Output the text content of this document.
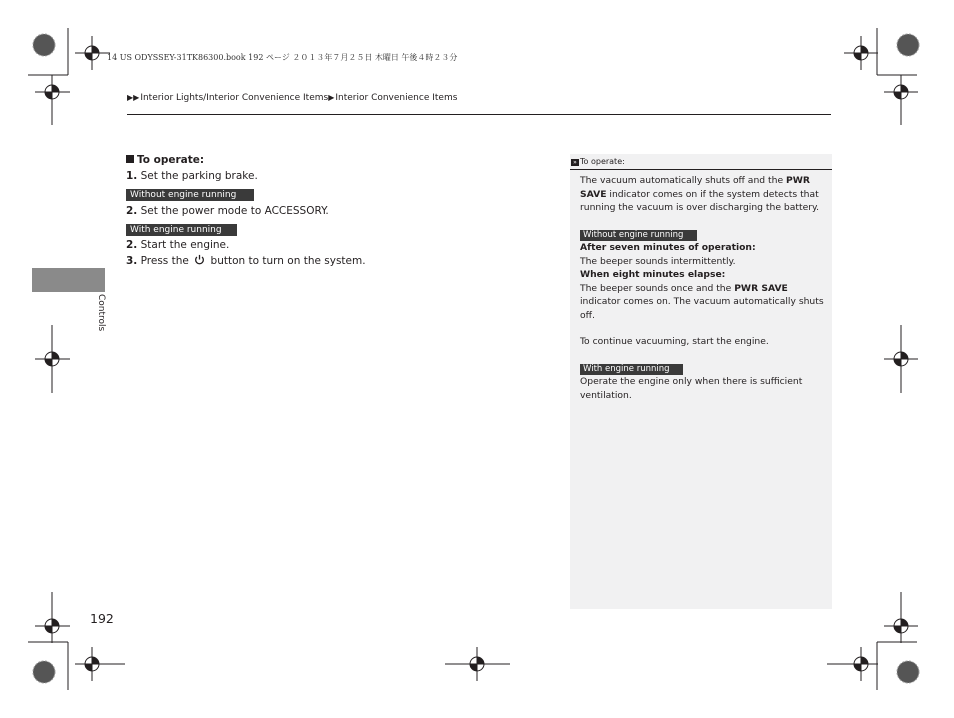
14 US ODYSSEY-31TK86300.book 192 ページ ２０１３年７月２５日 木曜日 午後４時２３分
▶▶Interior Lights/Interior Convenience Items▶Interior Convenience Items
Controls
To operate:
1. Set the parking brake.
Without engine running
2. Set the power mode to ACCESSORY.
With engine running
2. Start the engine.
3. Press the button to turn on the system.
» To operate:

The vacuum automatically shuts off and the PWR SAVE indicator comes on if the system detects that running the vacuum is over discharging the battery.

Without engine running

After seven minutes of operation:

The beeper sounds intermittently.

When eight minutes elapse:

The beeper sounds once and the PWR SAVE indicator comes on. The vacuum automatically shuts off.

To continue vacuuming, start the engine.

With engine running

Operate the engine only when there is sufficient ventilation.

192
